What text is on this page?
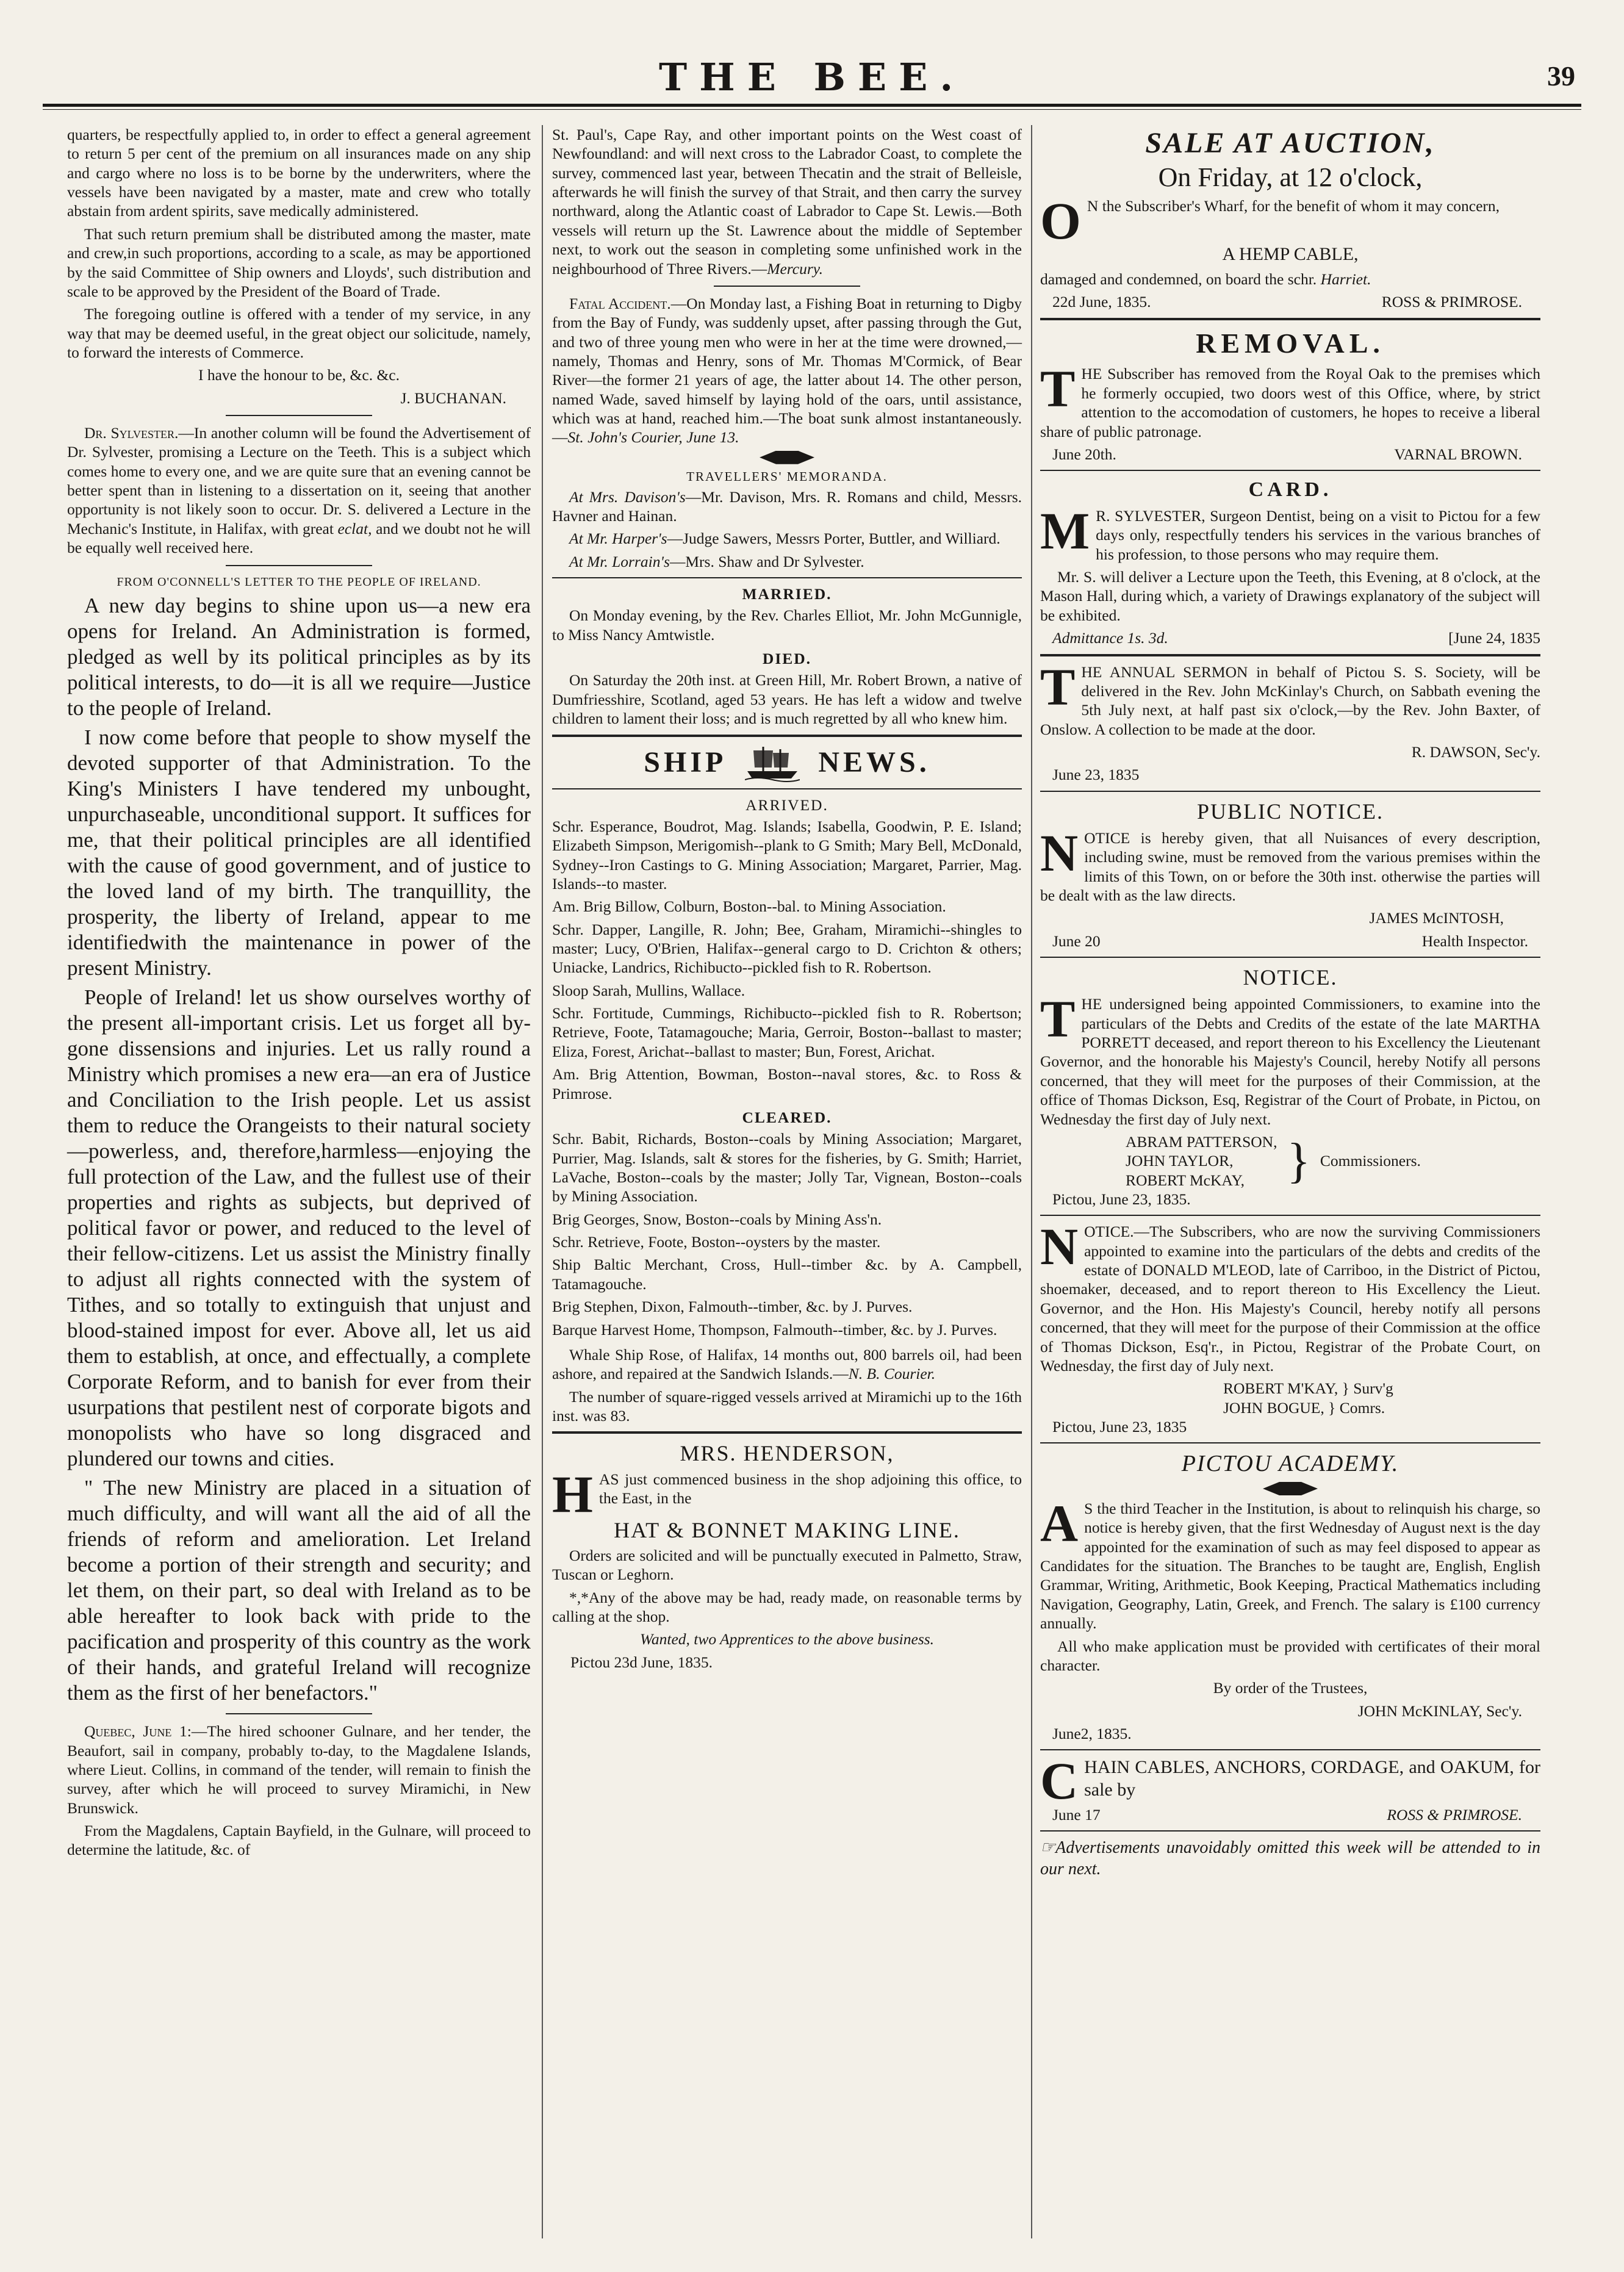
THE BEE.	39

quarters, be respectfully applied to, in order to effect a general agreement to return 5 per cent of the premium on all insurances made on any ship and cargo where no loss is to be borne by the underwriters, where the vessels have been navigated by a master, mate and crew who totally abstain from ardent spirits, save medically administered.

That such return premium shall be distributed among the master, mate and crew,in such proportions, according to a scale, as may be apportioned by the said Committee of Ship owners and Lloyds', such distribution and scale to be approved by the President of the Board of Trade.

The foregoing outline is offered with a tender of my service, in any way that may be deemed useful, in the great object our solicitude, namely, to forward the interests of Commerce.

I have the honour to be, &c. &c.

J. BUCHANAN.

Dr. Sylvester.—In another column will be found the Advertisement of Dr. Sylvester, promising a Lecture on the Teeth. This is a subject which comes home to every one, and we are quite sure that an evening cannot be better spent than in listening to a dissertation on it, seeing that another opportunity is not likely soon to occur. Dr. S. delivered a Lecture in the Mechanic's Institute, in Halifax, with great eclat, and we doubt not he will be equally well received here.

FROM O'CONNELL'S LETTER TO THE PEOPLE OF IRELAND.

A new day begins to shine upon us—a new era opens for Ireland. An Administration is formed, pledged as well by its political principles as by its political interests, to do—it is all we require—Justice to the people of Ireland.

I now come before that people to show myself the devoted supporter of that Administration. To the King's Ministers I have tendered my unbought, unpurchaseable, unconditional support. It suffices for me, that their political principles are all identified with the cause of good government, and of justice to the loved land of my birth. The tranquillity, the prosperity, the liberty of Ireland, appear to me identifiedwith the maintenance in power of the present Ministry.

People of Ireland! let us show ourselves worthy of the present all-important crisis. Let us forget all by-gone dissensions and injuries. Let us rally round a Ministry which promises a new era—an era of Justice and Conciliation to the Irish people. Let us assist them to reduce the Orangeists to their natural society—powerless, and, therefore,harmless—enjoying the full protection of the Law, and the fullest use of their properties and rights as subjects, but deprived of political favor or power, and reduced to the level of their fellow-citizens. Let us assist the Ministry finally to adjust all rights connected with the system of Tithes, and so totally to extinguish that unjust and blood-stained impost for ever. Above all, let us aid them to establish, at once, and effectually, a complete Corporate Reform, and to banish for ever from their usurpations that pestilent nest of corporate bigots and monopolists who have so long disgraced and plundered our towns and cities.

" The new Ministry are placed in a situation of much difficulty, and will want all the aid of all the friends of reform and amelioration. Let Ireland become a portion of their strength and security; and let them, on their part, so deal with Ireland as to be able hereafter to look back with pride to the pacification and prosperity of this country as the work of their hands, and grateful Ireland will recognize them as the first of her benefactors."

Quebec, June 1:—The hired schooner Gulnare, and her tender, the Beaufort, sail in company, probably to-day, to the Magdalene Islands, where Lieut. Collins, in command of the tender, will remain to finish the survey, after which he will proceed to survey Miramichi, in New Brunswick.

From the Magdalens, Captain Bayfield, in the Gulnare, will proceed to determine the latitude, &c. of

St. Paul's, Cape Ray, and other important points on the West coast of Newfoundland: and will next cross to the Labrador Coast, to complete the survey, commenced last year, between Thecatin and the strait of Belleisle, afterwards he will finish the survey of that Strait, and then carry the survey northward, along the Atlantic coast of Labrador to Cape St. Lewis.—Both vessels will return up the St. Lawrence about the middle of September next, to work out the season in completing some unfinished work in the neighbourhood of Three Rivers.—Mercury.

Fatal Accident.—On Monday last, a Fishing Boat in returning to Digby from the Bay of Fundy, was suddenly upset, after passing through the Gut, and two of three young men who were in her at the time were drowned,—namely, Thomas and Henry, sons of Mr. Thomas M'Cormick, of Bear River—the former 21 years of age, the latter about 14. The other person, named Wade, saved himself by laying hold of the oars, until assistance, which was at hand, reached him.—The boat sunk almost instantaneously.—St. John's Courier, June 13.

TRAVELLERS' MEMORANDA.

At Mrs. Davison's—Mr. Davison, Mrs. R. Romans and child, Messrs. Havner and Hainan.

At Mr. Harper's—Judge Sawers, Messrs Porter, Buttler, and Williard.

At Mr. Lorrain's—Mrs. Shaw and Dr Sylvester.

MARRIED.

On Monday evening, by the Rev. Charles Elliot, Mr. John McGunnigle, to Miss Nancy Amtwistle.

DIED.

On Saturday the 20th inst. at Green Hill, Mr. Robert Brown, a native of Dumfriesshire, Scotland, aged 53 years. He has left a widow and twelve children to lament their loss; and is much regretted by all who knew him.

SHIP	NEWS.

ARRIVED.

Schr. Esperance, Boudrot, Mag. Islands; Isabella, Goodwin, P. E. Island; Elizabeth Simpson, Merigomish--plank to G Smith; Mary Bell, McDonald, Sydney--Iron Castings to G. Mining Association; Margaret, Parrier, Mag. Islands--to master.

Am. Brig Billow, Colburn, Boston--bal. to Mining Association.

Schr. Dapper, Langille, R. John; Bee, Graham, Miramichi--shingles to master; Lucy, O'Brien, Halifax--general cargo to D. Crichton & others; Uniacke, Landrics, Richibucto--pickled fish to R. Robertson.

Sloop Sarah, Mullins, Wallace.

Schr. Fortitude, Cummings, Richibucto--pickled fish to R. Robertson; Retrieve, Foote, Tatamagouche; Maria, Gerroir, Boston--ballast to master; Eliza, Forest, Arichat--ballast to master; Bun, Forest, Arichat.

Am. Brig Attention, Bowman, Boston--naval stores, &c. to Ross & Primrose.

CLEARED.

Schr. Babit, Richards, Boston--coals by Mining Association; Margaret, Purrier, Mag. Islands, salt & stores for the fisheries, by G. Smith; Harriet, LaVache, Boston--coals by the master; Jolly Tar, Vignean, Boston--coals by Mining Association.

Brig Georges, Snow, Boston--coals by Mining Ass'n.

Schr. Retrieve, Foote, Boston--oysters by the master.

Ship Baltic Merchant, Cross, Hull--timber &c. by A. Campbell, Tatamagouche.

Brig Stephen, Dixon, Falmouth--timber, &c. by J. Purves.

Barque Harvest Home, Thompson, Falmouth--timber, &c. by J. Purves.

Whale Ship Rose, of Halifax, 14 months out, 800 barrels oil, had been ashore, and repaired at the Sandwich Islands.—N. B. Courier.

The number of square-rigged vessels arrived at Miramichi up to the 16th inst. was 83.

MRS. HENDERSON,

HAS just commenced business in the shop adjoining this office, to the East, in the

HAT & BONNET MAKING LINE.

Orders are solicited and will be punctually executed in Palmetto, Straw, Tuscan or Leghorn.

*,*Any of the above may be had, ready made, on reasonable terms by calling at the shop.

Wanted, two Apprentices to the above business.

Pictou 23d June, 1835.

SALE AT AUCTION,

On Friday, at 12 o'clock,

O N the Subscriber's Wharf, for the benefit of whom it may concern,

A HEMP CABLE,

damaged and condemned, on board the schr. Harriet.

22d June, 1835.	ROSS & PRIMROSE.

REMOVAL.

THE Subscriber has removed from the Royal Oak to the premises which he formerly occupied, two doors west of this Office, where, by strict attention to the accomodation of customers, he hopes to receive a liberal share of public patronage.

June 20th.	VARNAL BROWN.

CARD.

M R. SYLVESTER, Surgeon Dentist, being on a visit to Pictou for a few days only, respectfully tenders his services in the various branches of his profession, to those persons who may require them.

Mr. S. will deliver a Lecture upon the Teeth, this Evening, at 8 o'clock, at the Mason Hall, during which, a variety of Drawings explanatory of the subject will be exhibited.

Admittance 1s. 3d.	[June 24, 1835

THE ANNUAL SERMON in behalf of Pictou S. S. Society, will be delivered in the Rev. John McKinlay's Church, on Sabbath evening the 5th July next, at half past six o'clock,—by the Rev. John Baxter, of Onslow. A collection to be made at the door.

R. DAWSON, Sec'y.

June 23, 1835

PUBLIC NOTICE.

NOTICE is hereby given, that all Nuisances of every description, including swine, must be removed from the various premises within the limits of this Town, on or before the 30th inst. otherwise the parties will be dealt with as the law directs.

JAMES McINTOSH,

June 20	Health Inspector.

NOTICE.

THE undersigned being appointed Commissioners, to examine into the particulars of the Debts and Credits of the estate of the late MARTHA PORRETT deceased, and report thereon to his Excellency the Lieutenant Governor, and the honorable his Majesty's Council, hereby Notify all persons concerned, that they will meet for the purposes of their Commission, at the office of Thomas Dickson, Esq, Registrar of the Court of Probate, in Pictou, on Wednesday the first day of July next.

ABRAM PATTERSON,
JOHN TAYLOR,
ROBERT McKAY, } Commissioners.

Pictou, June 23, 1835.

NOTICE.—The Subscribers, who are now the surviving Commissioners appointed to examine into the particulars of the debts and credits of the estate of DONALD M'LEOD, late of Carriboo, in the District of Pictou, shoemaker, deceased, and to report thereon to His Excellency the Lieut. Governor, and the Hon. His Majesty's Council, hereby notify all persons concerned, that they will meet for the purpose of their Commission at the office of Thomas Dickson, Esq'r., in Pictou, Registrar of the Probate Court, on Wednesday, the first day of July next.

ROBERT M'KAY, } Surv'g
JOHN BOGUE, } Comrs.

Pictou, June 23, 1835

PICTOU ACADEMY.

A S the third Teacher in the Institution, is about to relinquish his charge, so notice is hereby given, that the first Wednesday of August next is the day appointed for the examination of such as may feel disposed to appear as Candidates for the situation. The Branches to be taught are, English, English Grammar, Writing, Arithmetic, Book Keeping, Practical Mathematics including Navigation, Geography, Latin, Greek, and French. The salary is £100 currency annually.

All who make application must be provided with certificates of their moral character.

By order of the Trustees,

JOHN McKINLAY, Sec'y.

June2, 1835.

CHAIN CABLES, ANCHORS, CORDAGE, and OAKUM, for sale by

June 17	ROSS & PRIMROSE.

☞Advertisements unavoidably omitted this week will be attended to in our next.
